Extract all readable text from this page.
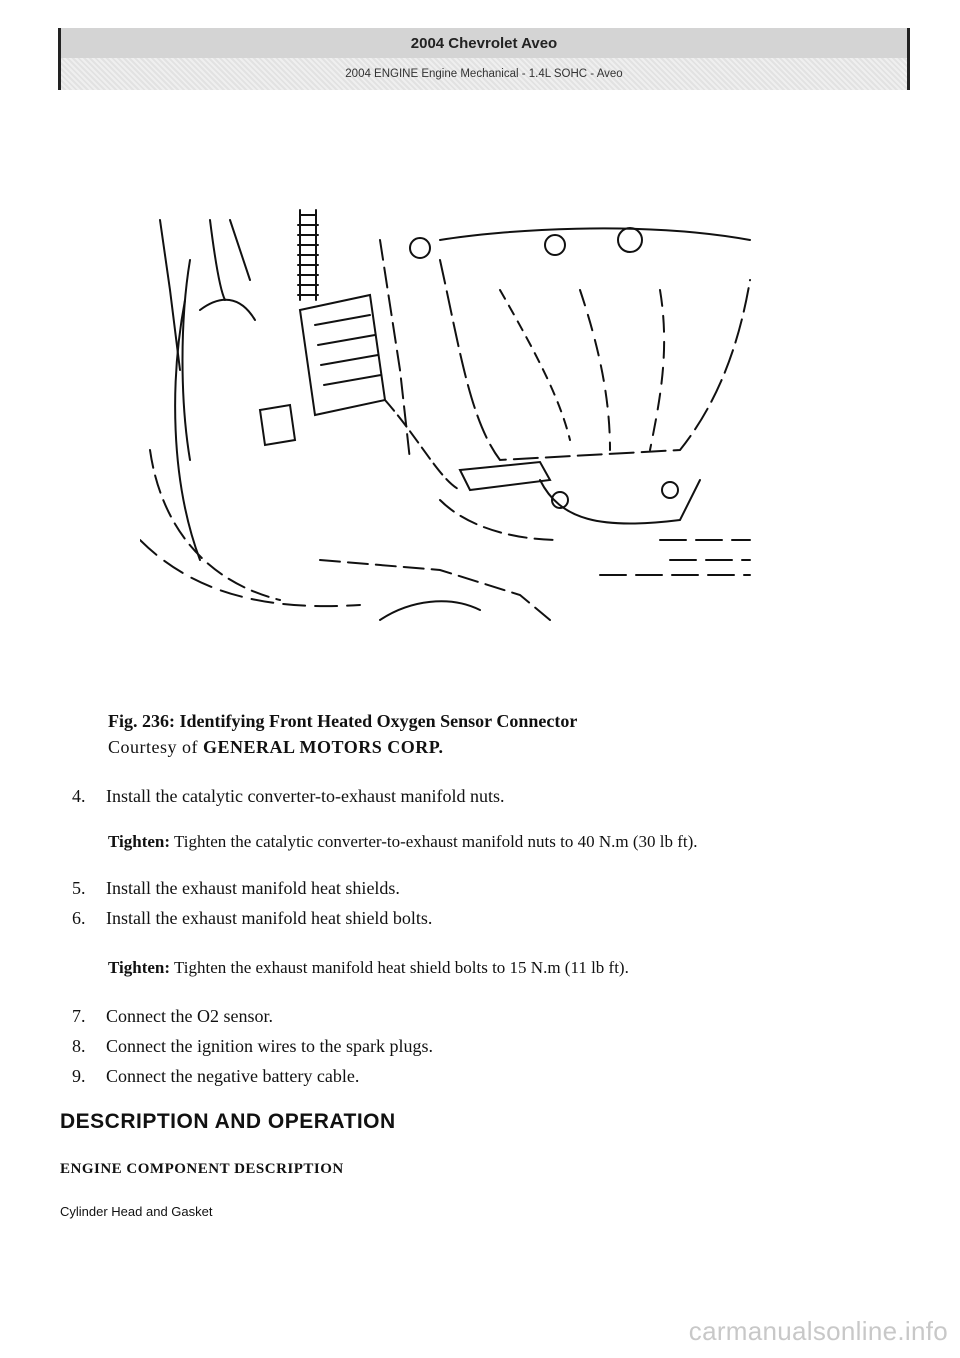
2004 Chevrolet Aveo
2004 ENGINE Engine Mechanical - 1.4L SOHC - Aveo
Fig. 236: Identifying Front Heated Oxygen Sensor Connector
Courtesy of GENERAL MOTORS CORP.
4. Install the catalytic converter-to-exhaust manifold nuts.
Tighten: Tighten the catalytic converter-to-exhaust manifold nuts to 40 N.m (30 lb ft).
5. Install the exhaust manifold heat shields.
6. Install the exhaust manifold heat shield bolts.
Tighten: Tighten the exhaust manifold heat shield bolts to 15 N.m (11 lb ft).
7. Connect the O2 sensor.
8. Connect the ignition wires to the spark plugs.
9. Connect the negative battery cable.
DESCRIPTION AND OPERATION
ENGINE COMPONENT DESCRIPTION
Cylinder Head and Gasket
carmanualsonline.info
